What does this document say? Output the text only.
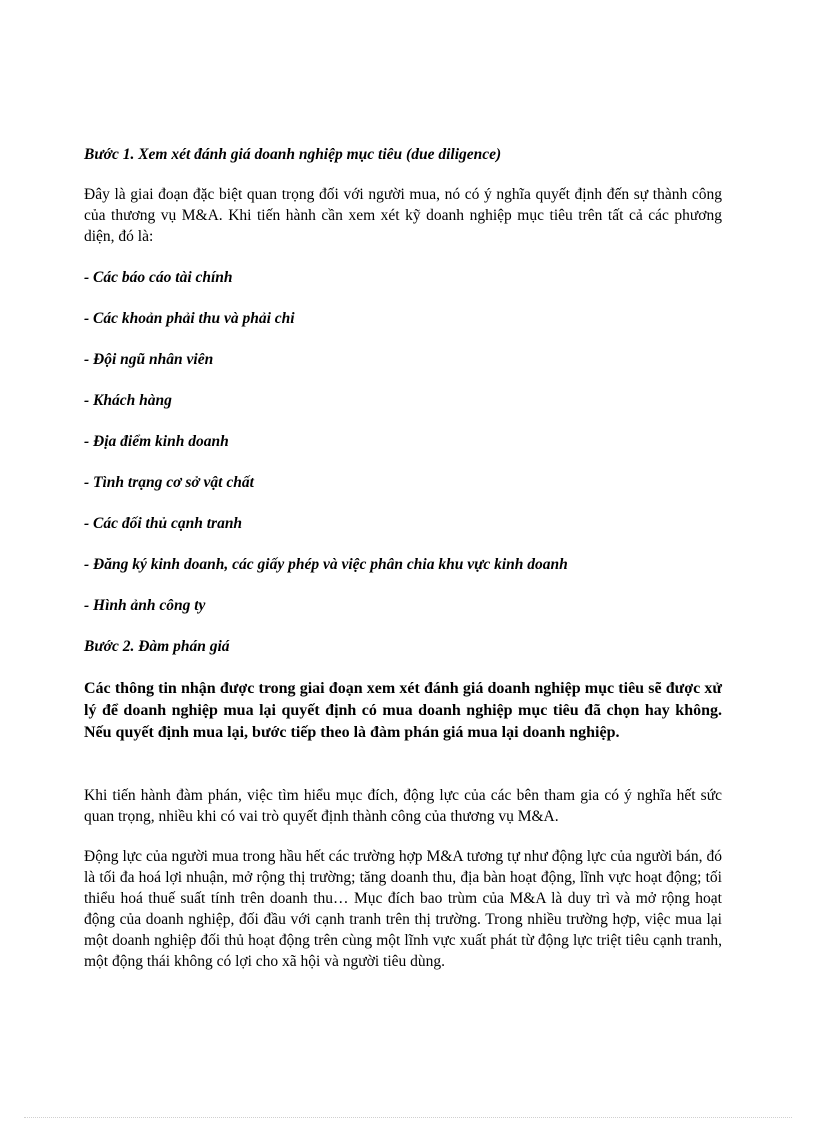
Bước 1. Xem xét đánh giá doanh nghiệp mục tiêu (due diligence)

Đây là giai đoạn đặc biệt quan trọng đối với người mua, nó có ý nghĩa quyết định đến sự thành công của thương vụ M&A. Khi tiến hành cần xem xét kỹ doanh nghiệp mục tiêu trên tất cả các phương diện, đó là:

- Các báo cáo tài chính

- Các khoản phải thu và phải chi

- Đội ngũ nhân viên

- Khách hàng

- Địa điểm kinh doanh

- Tình trạng cơ sở vật chất

- Các đối thủ cạnh tranh

- Đăng ký kinh doanh, các giấy phép và việc phân chia khu vực kinh doanh

- Hình ảnh công ty

Bước 2. Đàm phán giá

Các thông tin nhận được trong giai đoạn xem xét đánh giá doanh nghiệp mục tiêu sẽ được xử lý để doanh nghiệp mua lại quyết định có mua doanh nghiệp mục tiêu đã chọn hay không. Nếu quyết định mua lại, bước tiếp theo là đàm phán giá mua lại doanh nghiệp.

Khi tiến hành đàm phán, việc tìm hiểu mục đích, động lực của các bên tham gia có ý nghĩa hết sức quan trọng, nhiều khi có vai trò quyết định thành công của thương vụ M&A.

Động lực của người mua trong hầu hết các trường hợp M&A tương tự như động lực của người bán, đó là tối đa hoá lợi nhuận, mở rộng thị trường; tăng doanh thu, địa bàn hoạt động, lĩnh vực hoạt động; tối thiểu hoá thuế suất tính trên doanh thu… Mục đích bao trùm của M&A là duy trì và mở rộng hoạt động của doanh nghiệp, đối đầu với cạnh tranh trên thị trường. Trong nhiều trường hợp, việc mua lại một doanh nghiệp đối thủ hoạt động trên cùng một lĩnh vực xuất phát từ động lực triệt tiêu cạnh tranh, một động thái không có lợi cho xã hội và người tiêu dùng.
